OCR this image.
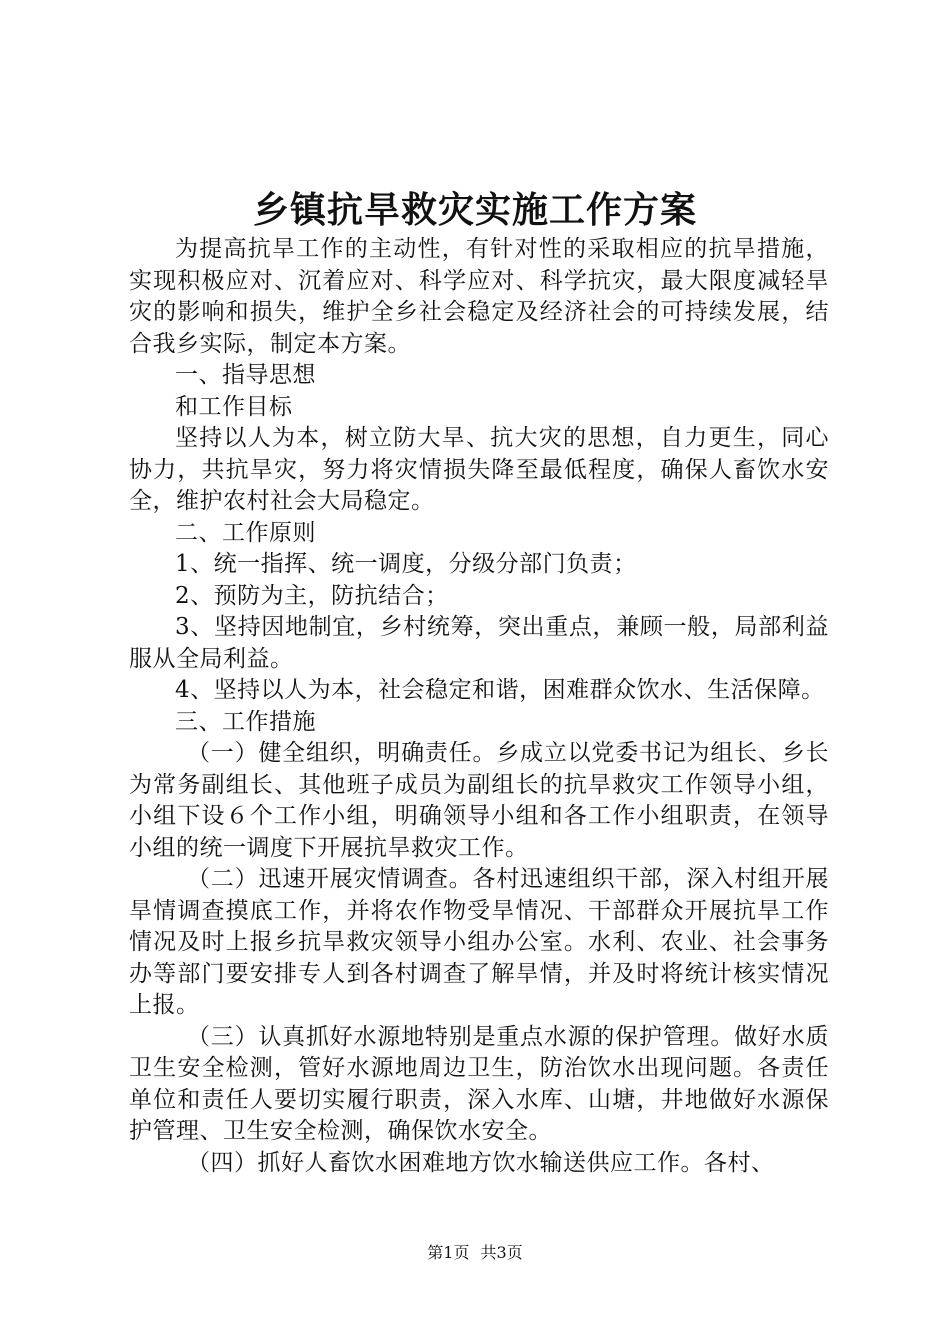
乡镇抗旱救灾实施工作方案

为提高抗旱工作的主动性，有针对性的采取相应的抗旱措施，实现积极应对、沉着应对、科学应对、科学抗灾，最大限度减轻旱灾的影响和损失，维护全乡社会稳定及经济社会的可持续发展，结合我乡实际，制定本方案。

一、指导思想

和工作目标

坚持以人为本，树立防大旱、抗大灾的思想，自力更生，同心协力，共抗旱灾，努力将灾情损失降至最低程度，确保人畜饮水安全，维护农村社会大局稳定。

二、工作原则

1、统一指挥、统一调度，分级分部门负责；

2、预防为主，防抗结合；

3、坚持因地制宜，乡村统筹，突出重点，兼顾一般，局部利益服从全局利益。

4、坚持以人为本，社会稳定和谐，困难群众饮水、生活保障。

三、工作措施

（一）健全组织，明确责任。乡成立以党委书记为组长、乡长为常务副组长、其他班子成员为副组长的抗旱救灾工作领导小组，小组下设６个工作小组，明确领导小组和各工作小组职责，在领导小组的统一调度下开展抗旱救灾工作。

（二）迅速开展灾情调查。各村迅速组织干部，深入村组开展旱情调查摸底工作，并将农作物受旱情况、干部群众开展抗旱工作情况及时上报乡抗旱救灾领导小组办公室。水利、农业、社会事务办等部门要安排专人到各村调查了解旱情，并及时将统计核实情况上报。

（三）认真抓好水源地特别是重点水源的保护管理。做好水质卫生安全检测，管好水源地周边卫生，防治饮水出现问题。各责任单位和责任人要切实履行职责，深入水库、山塘，井地做好水源保护管理、卫生安全检测，确保饮水安全。

（四）抓好人畜饮水困难地方饮水输送供应工作。各村、

第1页 共3页
